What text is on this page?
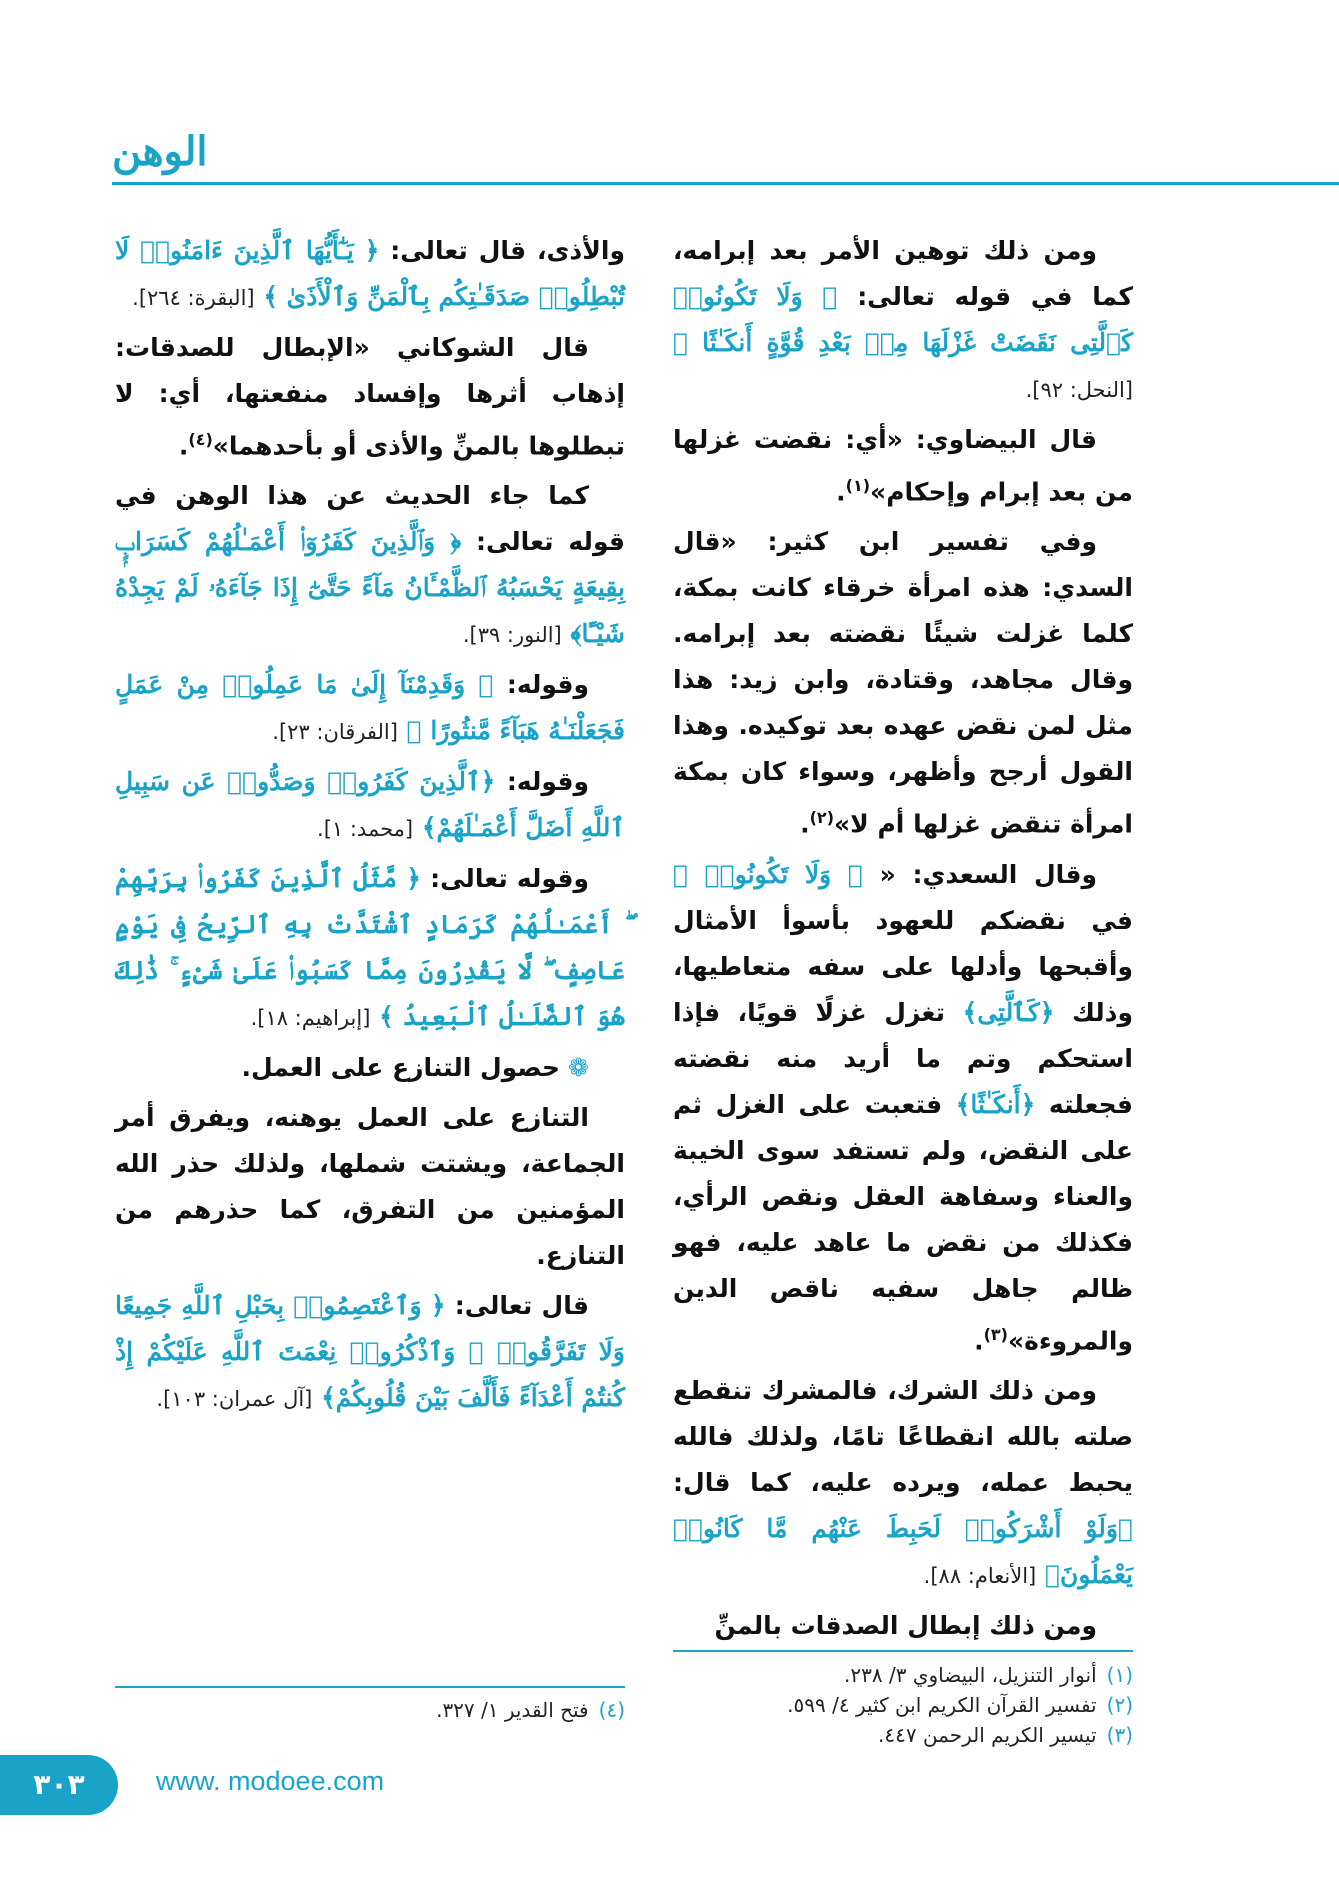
الوهن

ومن ذلك توهين الأمر بعد إبرامه، كما في قوله تعالى: ﴿ وَلَا تَكُونُوا۟ كَٱلَّتِى نَقَضَتْ غَزْلَهَا مِنۢ بَعْدِ قُوَّةٍ أَنكَـٰثًا ﴾ [النحل: ٩٢].

قال البيضاوي: «أي: نقضت غزلها من بعد إبرام وإحكام»$^{(١)}$.

وفي تفسير ابن كثير: «قال السدي: هذه امرأة خرقاء كانت بمكة، كلما غزلت شيئًا نقضته بعد إبرامه. وقال مجاهد، وقتادة، وابن زيد: هذا مثل لمن نقض عهده بعد توكيده. وهذا القول أرجح وأظهر، وسواء كان بمكة امرأة تنقض غزلها أم لا»$^{(٢)}$.

وقال السعدي: « ﴿ وَلَا تَكُونُوا۟ ﴾ في نقضكم للعهود بأسوأ الأمثال وأقبحها وأدلها على سفه متعاطيها، وذلك ﴿كَٱلَّتِى﴾ تغزل غزلًا قويًا، فإذا استحكم وتم ما أريد منه نقضته فجعلته ﴿أَنكَـٰثًا﴾ فتعبت على الغزل ثم على النقض، ولم تستفد سوى الخيبة والعناء وسفاهة العقل ونقص الرأي، فكذلك من نقض ما عاهد عليه، فهو ظالم جاهل سفيه ناقص الدين والمروءة»$^{(٣)}$.

ومن ذلك الشرك، فالمشرك تنقطع صلته بالله انقطاعًا تامًا، ولذلك فالله يحبط عمله، ويرده عليه، كما قال: ﴿وَلَوْ أَشْرَكُوا۟ لَحَبِطَ عَنْهُم مَّا كَانُوا۟ يَعْمَلُونَ﴾ [الأنعام: ٨٨].

ومن ذلك إبطال الصدقات بالمنِّ

والأذى، قال تعالى: ﴿ يَـٰٓأَيُّهَا ٱلَّذِينَ ءَامَنُوا۟ لَا تُبْطِلُوا۟ صَدَقَـٰتِكُم بِٱلْمَنِّ وَٱلْأَذَىٰ ﴾ [البقرة: ٢٦٤].

قال الشوكاني «الإبطال للصدقات: إذهاب أثرها وإفساد منفعتها، أي: لا تبطلوها بالمنِّ والأذى أو بأحدهما»$^{(٤)}$.

كما جاء الحديث عن هذا الوهن في قوله تعالى: ﴿ وَٱلَّذِينَ كَفَرُوٓا۟ أَعْمَـٰلُهُمْ كَسَرَابٍۭ بِقِيعَةٍ يَحْسَبُهُ ٱلظَّمْـَٔانُ مَآءً حَتَّىٰٓ إِذَا جَآءَهُۥ لَمْ يَجِدْهُ شَيْـًٔا﴾ [النور: ٣٩].

وقوله: ﴿ وَقَدِمْنَآ إِلَىٰ مَا عَمِلُوا۟ مِنْ عَمَلٍ فَجَعَلْنَـٰهُ هَبَآءً مَّنثُورًا ﴾ [الفرقان: ٢٣].

وقوله: ﴿ٱلَّذِينَ كَفَرُوا۟ وَصَدُّوا۟ عَن سَبِيلِ ٱللَّهِ أَضَلَّ أَعْمَـٰلَهُمْ﴾ [محمد: ١].

وقوله تعالى: ﴿ مَّثَلُ ٱلَّذِينَ كَفَرُوا۟ بِرَبِّهِمْ ۖ أَعْمَـٰلُهُمْ كَرَمَادٍ ٱشْتَدَّتْ بِهِ ٱلرِّيحُ فِى يَوْمٍ عَاصِفٍ ۖ لَّا يَقْدِرُونَ مِمَّا كَسَبُوا۟ عَلَىٰ شَىْءٍ ۚ ذَٰلِكَ هُوَ ٱلضَّلَـٰلُ ٱلْبَعِيدُ ﴾ [إبراهيم: ١٨].

❁حصول التنازع على العمل.

التنازع على العمل يوهنه، ويفرق أمر الجماعة، ويشتت شملها، ولذلك حذر الله المؤمنين من التفرق، كما حذرهم من التنازع.

قال تعالى: ﴿ وَٱعْتَصِمُوا۟ بِحَبْلِ ٱللَّهِ جَمِيعًا وَلَا تَفَرَّقُوا۟ ۚ وَٱذْكُرُوا۟ نِعْمَتَ ٱللَّهِ عَلَيْكُمْ إِذْ كُنتُمْ أَعْدَآءً فَأَلَّفَ بَيْنَ قُلُوبِكُمْ﴾ [آل عمران: ١٠٣].

(١)أنوار التنزيل، البيضاوي ٣/ ٢٣٨.
(٢)تفسير القرآن الكريم ابن كثير ٤/ ٥٩٩.
(٣)تيسير الكريم الرحمن ٤٤٧.
(٤)فتح القدير ١/ ٣٢٧.
٣٠٣	www. modoee.com
